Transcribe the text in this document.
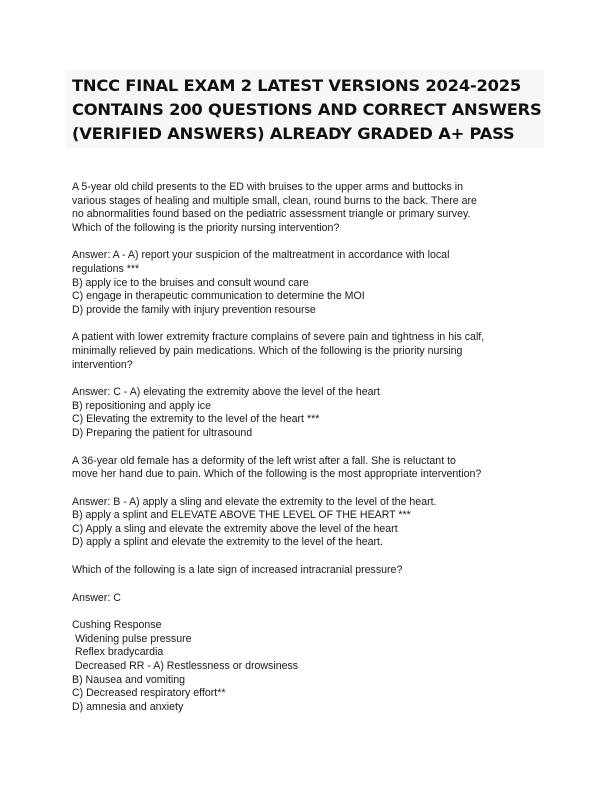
TNCC FINAL EXAM 2 LATEST VERSIONS 2024-2025
CONTAINS 200 QUESTIONS AND CORRECT ANSWERS
(VERIFIED ANSWERS) ALREADY GRADED A+ PASS
A 5-year old child presents to the ED with bruises to the upper arms and buttocks in
various stages of healing and multiple small, clean, round burns to the back. There are
no abnormalities found based on the pediatric assessment triangle or primary survey.
Which of the following is the priority nursing intervention?
Answer: A - A) report your suspicion of the maltreatment in accordance with local
regulations ***
B) apply ice to the bruises and consult wound care
C) engage in therapeutic communication to determine the MOI
D) provide the family with injury prevention resourse
A patient with lower extremity fracture complains of severe pain and tightness in his calf,
minimally relieved by pain medications. Which of the following is the priority nursing
intervention?
Answer: C - A) elevating the extremity above the level of the heart
B) repositioning and apply ice
C) Elevating the extremity to the level of the heart ***
D) Preparing the patient for ultrasound
A 36-year old female has a deformity of the left wrist after a fall. She is reluctant to
move her hand due to pain. Which of the following is the most appropriate intervention?
Answer: B - A) apply a sling and elevate the extremity to the level of the heart.
B) apply a splint and ELEVATE ABOVE THE LEVEL OF THE HEART ***
C) Apply a sling and elevate the extremity above the level of the heart
D) apply a splint and elevate the extremity to the level of the heart.
Which of the following is a late sign of increased intracranial pressure?
Answer: C
Cushing Response
Widening pulse pressure
Reflex bradycardia
Decreased RR - A) Restlessness or drowsiness
B) Nausea and vomiting
C) Decreased respiratory effort**
D) amnesia and anxiety
